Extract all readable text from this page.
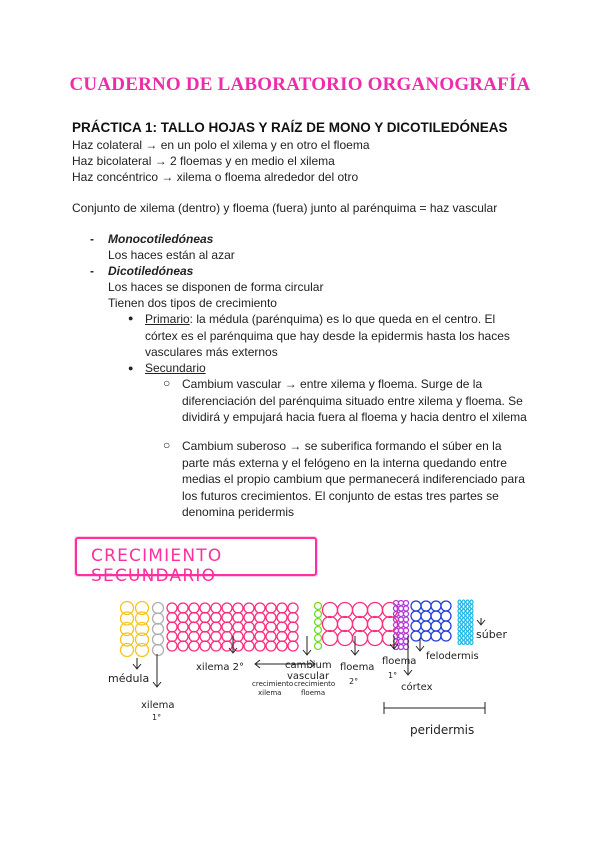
CUADERNO DE LABORATORIO ORGANOGRAFÍA
PRÁCTICA 1: TALLO HOJAS Y RAÍZ DE MONO Y DICOTILEDÓNEAS
Haz colateral → en un polo el xilema y en otro el floema
Haz bicolateral → 2 floemas y en medio el xilema
Haz concéntrico → xilema o floema alrededor del otro
Conjunto de xilema (dentro) y floema (fuera) junto al parénquima = haz vascular
- Monocotiledóneas
Los haces están al azar
- Dicotiledóneas
Los haces se disponen de forma circular
Tienen dos tipos de crecimiento
● Primario: la médula (parénquima) es lo que queda en el centro. El córtex es el parénquima que hay desde la epidermis hasta los haces vasculares más externos
● Secundario
○ Cambium vascular → entre xilema y floema. Surge de la diferenciación del parénquima situado entre xilema y floema. Se dividirá y empujará hacia fuera al floema y hacia dentro el xilema
○ Cambium suberoso → se suberifica formando el súber en la parte más externa y el felógeno en la interna quedando entre medias el propio cambium que permanecerá indiferenciado para los futuros crecimientos. El conjunto de estas tres partes se denomina peridermis
CRECIMIENTO SECUNDARIO
médula
xilema
1°
xilema 2°	cambium
vascular
floema
2°
floema
1°
felodermis
súber
córtex
crecimiento
xilema
crecimiento
floema
peridermis
